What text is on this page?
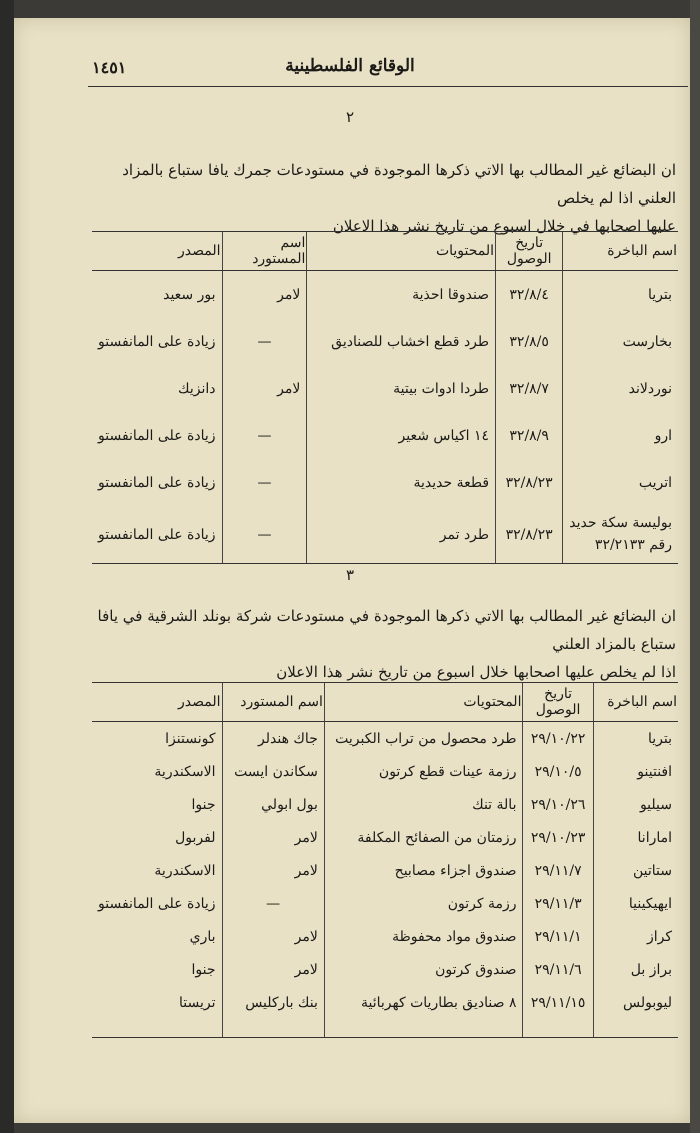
الوقائع الفلسطينية
١٤٥١
٢
ان البضائع غير المطالب بها الاتي ذكرها الموجودة في مستودعات جمرك يافا ستباع بالمزاد العلني اذا لم يخلص
عليها اصحابها في خلال اسبوع من تاريخ نشر هذا الاعلان
اسم الباخرة	تاريخ الوصول	المحتويات	اسم المستورد	المصدر
بتريا	٣٢/٨/٤	صندوقا احذية	لامر	بور سعيد
بخارست	٣٢/٨/٥	طرد قطع اخشاب للصناديق	—	زيادة على المانفستو
نوردلاند	٣٢/٨/٧	طردا ادوات بيتية	لامر	دانزيك
ارو	٣٢/٨/٩	١٤ اكياس شعير	—	زيادة على المانفستو
اتريب	٣٢/٨/٢٣	قطعة حديدية	—	زيادة على المانفستو

بوليسة سكة حديد
رقم ٣٢/٢١٣٣	٣٢/٨/٢٣	طرد تمر	—	زيادة على المانفستو
٣
ان البضائع غير المطالب بها الاتي ذكرها الموجودة في مستودعات شركة بونلد الشرقية في يافا ستباع بالمزاد العلني
اذا لم يخلص عليها اصحابها خلال اسبوع من تاريخ نشر هذا الاعلان
اسم الباخرة	تاريخ الوصول	المحتويات	اسم المستورد	المصدر
بتريا	٢٩/١٠/٢٢	طرد محصول من تراب الكبريت	جاك هندلر	كونستنزا
افنتينو	٢٩/١٠/٥	رزمة عينات قطع كرتون	سكاندن ايست	الاسكندرية
سيليو	٢٩/١٠/٢٦	بالة تنك	بول ابولي	جنوا
امارانا	٢٩/١٠/٢٣	رزمتان من الصفائح المكلفة	لامر	لفربول
ستاتين	٢٩/١١/٧	صندوق اجزاء مصابيح	لامر	الاسكندرية
ايهيكينيا	٢٩/١١/٣	رزمة كرتون	—	زيادة على المانفستو
كراز	٢٩/١١/١	صندوق مواد محفوظة	لامر	باري
براز بل	٢٩/١١/٦	صندوق كرتون	لامر	جنوا
ليوبولس	٢٩/١١/١٥	٨ صناديق بطاريات كهربائية	بنك باركليس	تريستا
